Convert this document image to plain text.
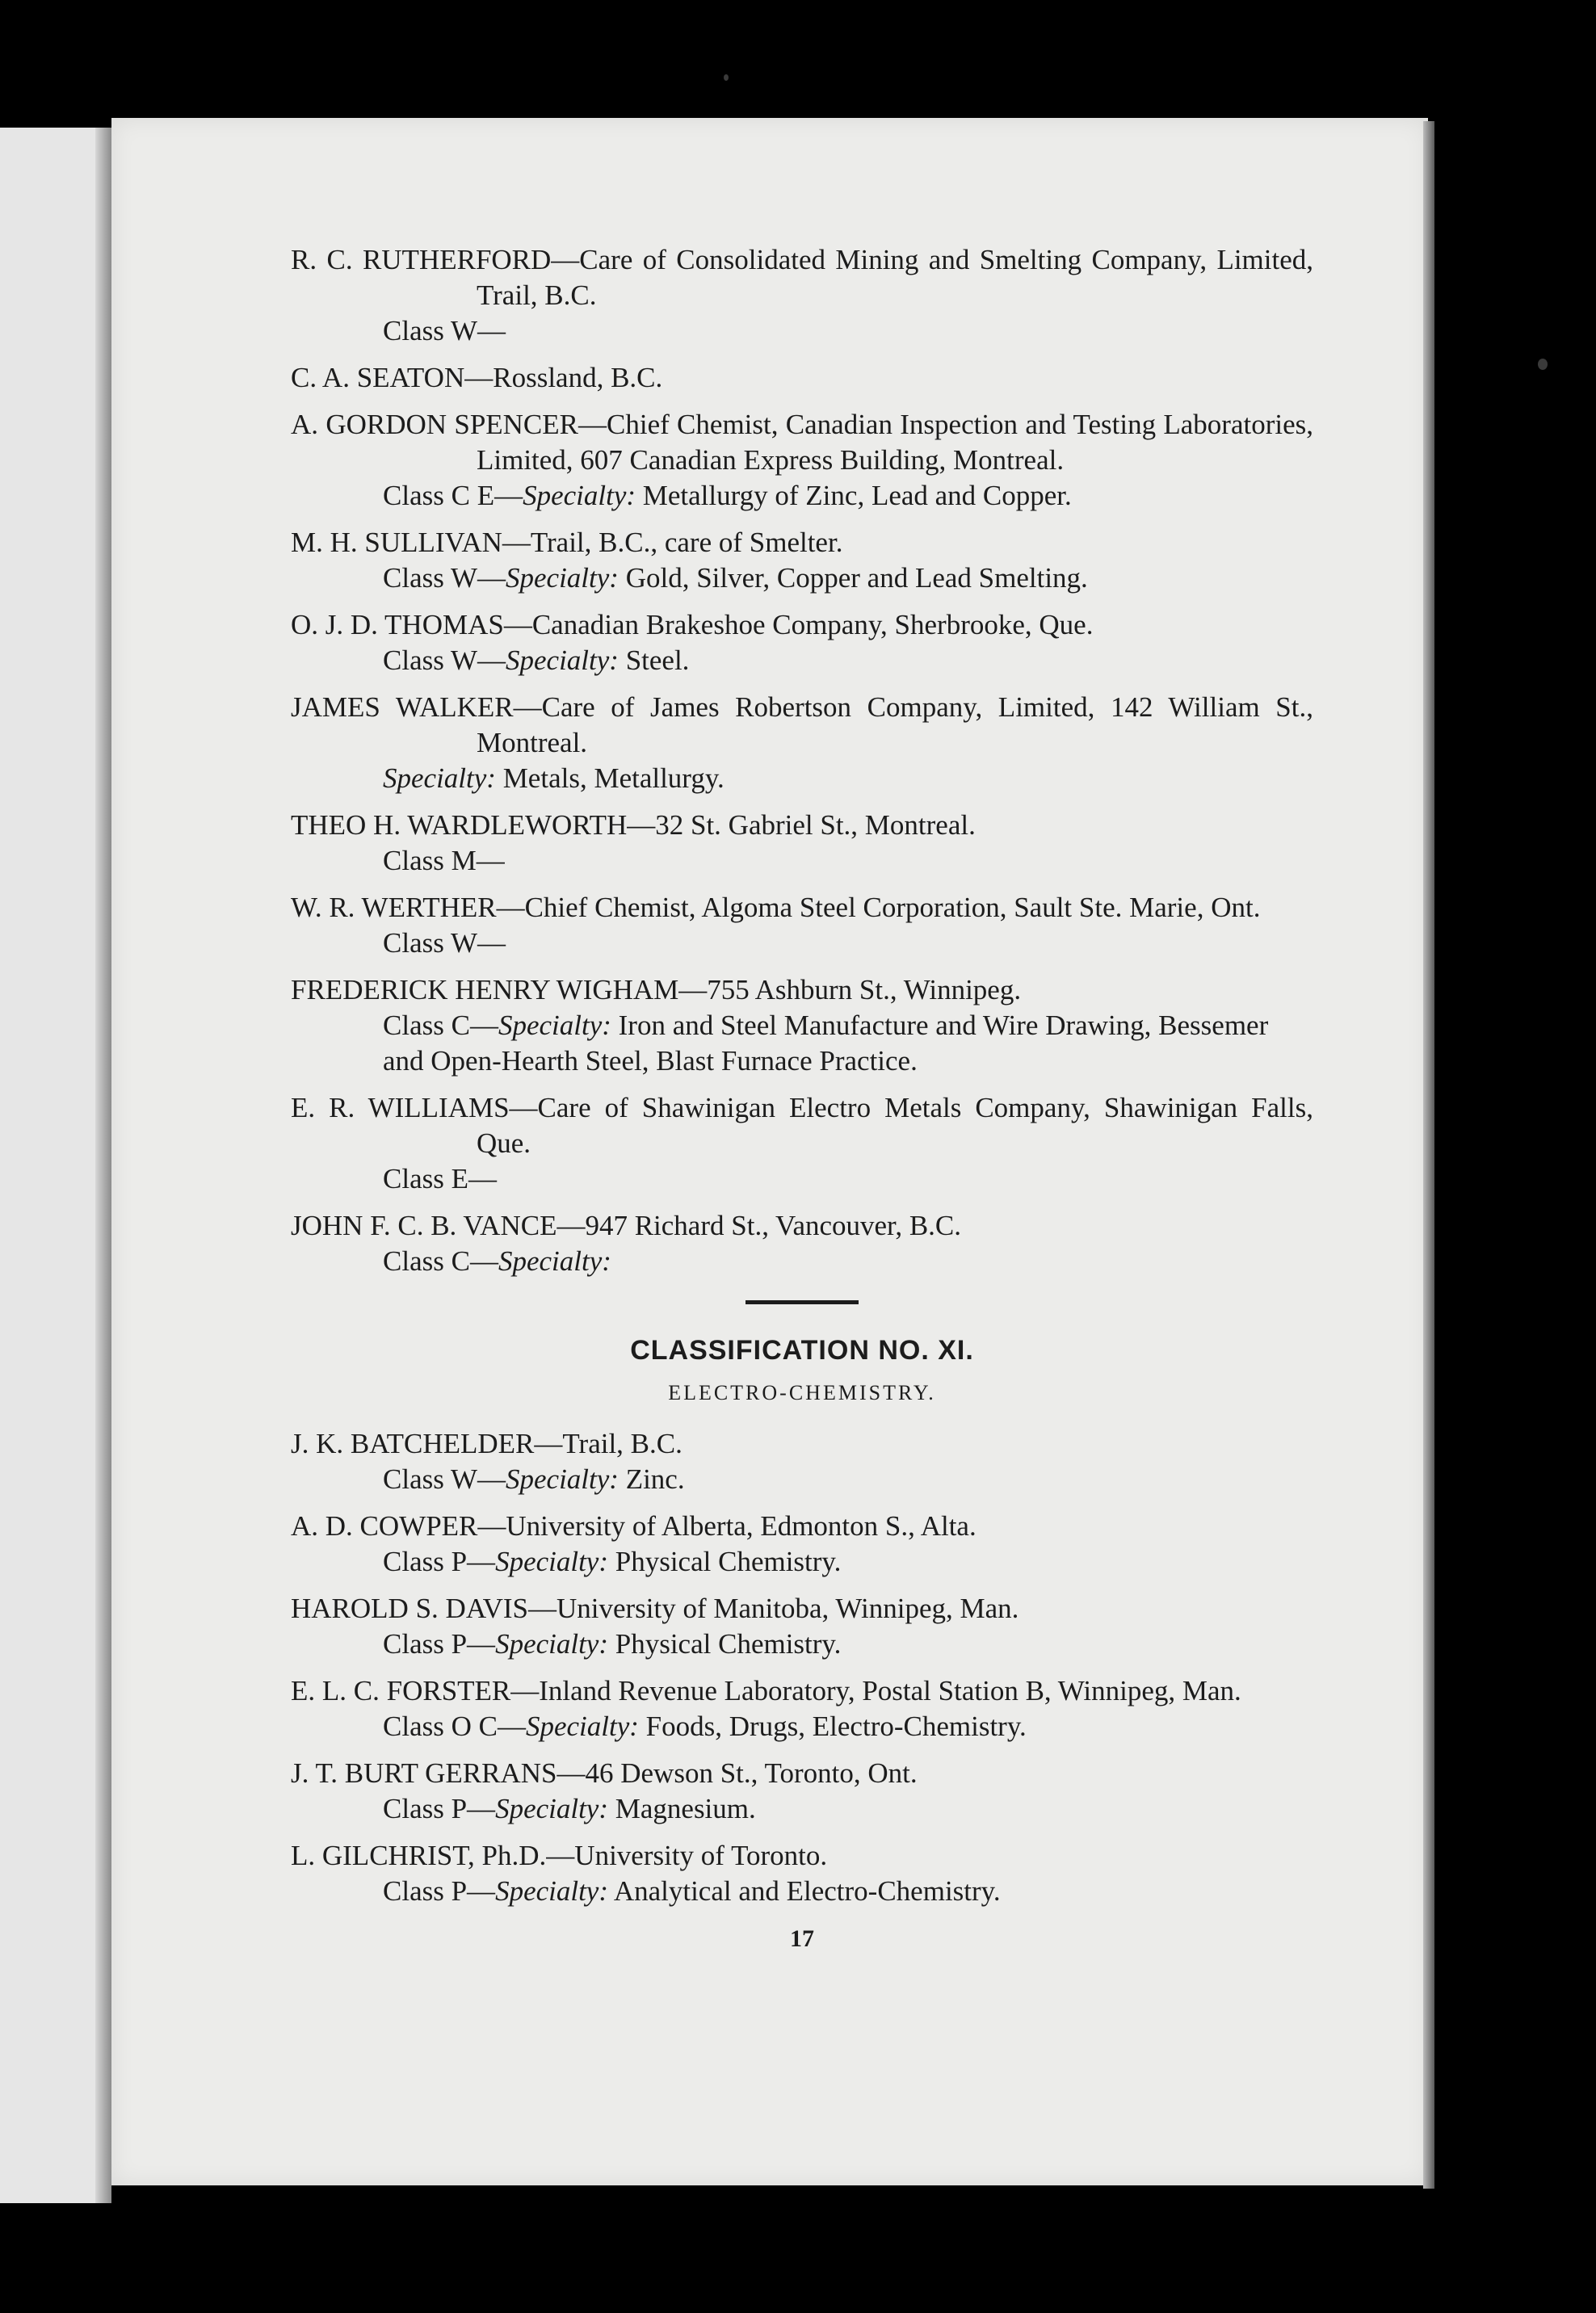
R. C. RUTHERFORD—Care of Consolidated Mining and Smelting Company, Limited, Trail, B.C.
Class W—
C. A. SEATON—Rossland, B.C.
A. GORDON SPENCER—Chief Chemist, Canadian Inspection and Testing Laboratories, Limited, 607 Canadian Express Building, Montreal.
Class C E—Specialty: Metallurgy of Zinc, Lead and Copper.
M. H. SULLIVAN—Trail, B.C., care of Smelter.
Class W—Specialty: Gold, Silver, Copper and Lead Smelting.
O. J. D. THOMAS—Canadian Brakeshoe Company, Sherbrooke, Que.
Class W—Specialty: Steel.
JAMES WALKER—Care of James Robertson Company, Limited, 142 William St., Montreal.
Specialty: Metals, Metallurgy.
THEO H. WARDLEWORTH—32 St. Gabriel St., Montreal.
Class M—
W. R. WERTHER—Chief Chemist, Algoma Steel Corporation, Sault Ste. Marie, Ont.
Class W—
FREDERICK HENRY WIGHAM—755 Ashburn St., Winnipeg.
Class C—Specialty: Iron and Steel Manufacture and Wire Drawing, Bessemer and Open-Hearth Steel, Blast Furnace Practice.
E. R. WILLIAMS—Care of Shawinigan Electro Metals Company, Shawinigan Falls, Que.
Class E—
JOHN F. C. B. VANCE—947 Richard St., Vancouver, B.C.
Class C—Specialty:
CLASSIFICATION NO. XI.
ELECTRO-CHEMISTRY.
J. K. BATCHELDER—Trail, B.C.
Class W—Specialty: Zinc.
A. D. COWPER—University of Alberta, Edmonton S., Alta.
Class P—Specialty: Physical Chemistry.
HAROLD S. DAVIS—University of Manitoba, Winnipeg, Man.
Class P—Specialty: Physical Chemistry.
E. L. C. FORSTER—Inland Revenue Laboratory, Postal Station B, Winnipeg, Man.
Class O C—Specialty: Foods, Drugs, Electro-Chemistry.
J. T. BURT GERRANS—46 Dewson St., Toronto, Ont.
Class P—Specialty: Magnesium.
L. GILCHRIST, Ph.D.—University of Toronto.
Class P—Specialty: Analytical and Electro-Chemistry.
17
